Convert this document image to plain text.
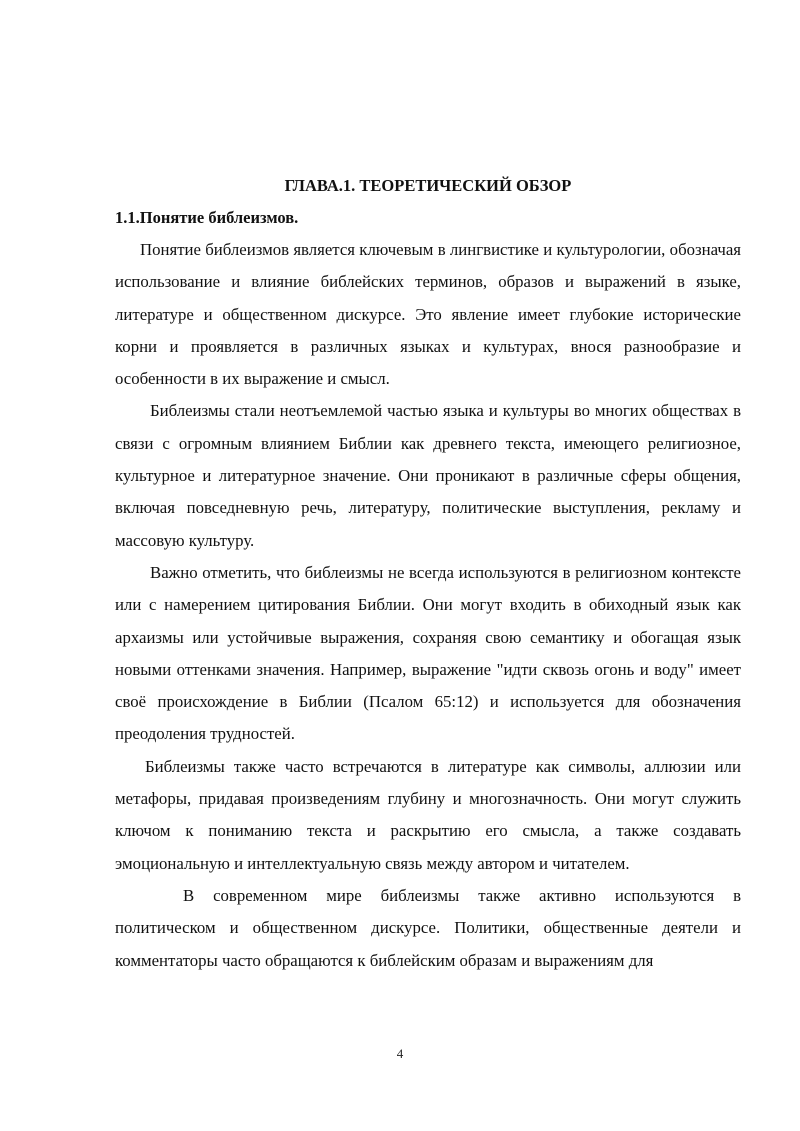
ГЛАВА.1. ТЕОРЕТИЧЕСКИЙ ОБЗОР
1.1.Понятие библеизмов.

Понятие библеизмов является ключевым в лингвистике и культурологии, обозначая использование и влияние библейских терминов, образов и выражений в языке, литературе и общественном дискурсе. Это явление имеет глубокие исторические корни и проявляется в различных языках и культурах, внося разнообразие и особенности в их выражение и смысл.

Библеизмы стали неотъемлемой частью языка и культуры во многих обществах в связи с огромным влиянием Библии как древнего текста, имеющего религиозное, культурное и литературное значение. Они проникают в различные сферы общения, включая повседневную речь, литературу, политические выступления, рекламу и массовую культуру.

Важно отметить, что библеизмы не всегда используются в религиозном контексте или с намерением цитирования Библии. Они могут входить в обиходный язык как архаизмы или устойчивые выражения, сохраняя свою семантику и обогащая язык новыми оттенками значения. Например, выражение "идти сквозь огонь и воду" имеет своё происхождение в Библии (Псалом 65:12) и используется для обозначения преодоления трудностей.

Библеизмы также часто встречаются в литературе как символы, аллюзии или метафоры, придавая произведениям глубину и многозначность. Они могут служить ключом к пониманию текста и раскрытию его смысла, а также создавать эмоциональную и интеллектуальную связь между автором и читателем.

В современном мире библеизмы также активно используются в политическом и общественном дискурсе. Политики, общественные деятели и комментаторы часто обращаются к библейским образам и выражениям для

4
